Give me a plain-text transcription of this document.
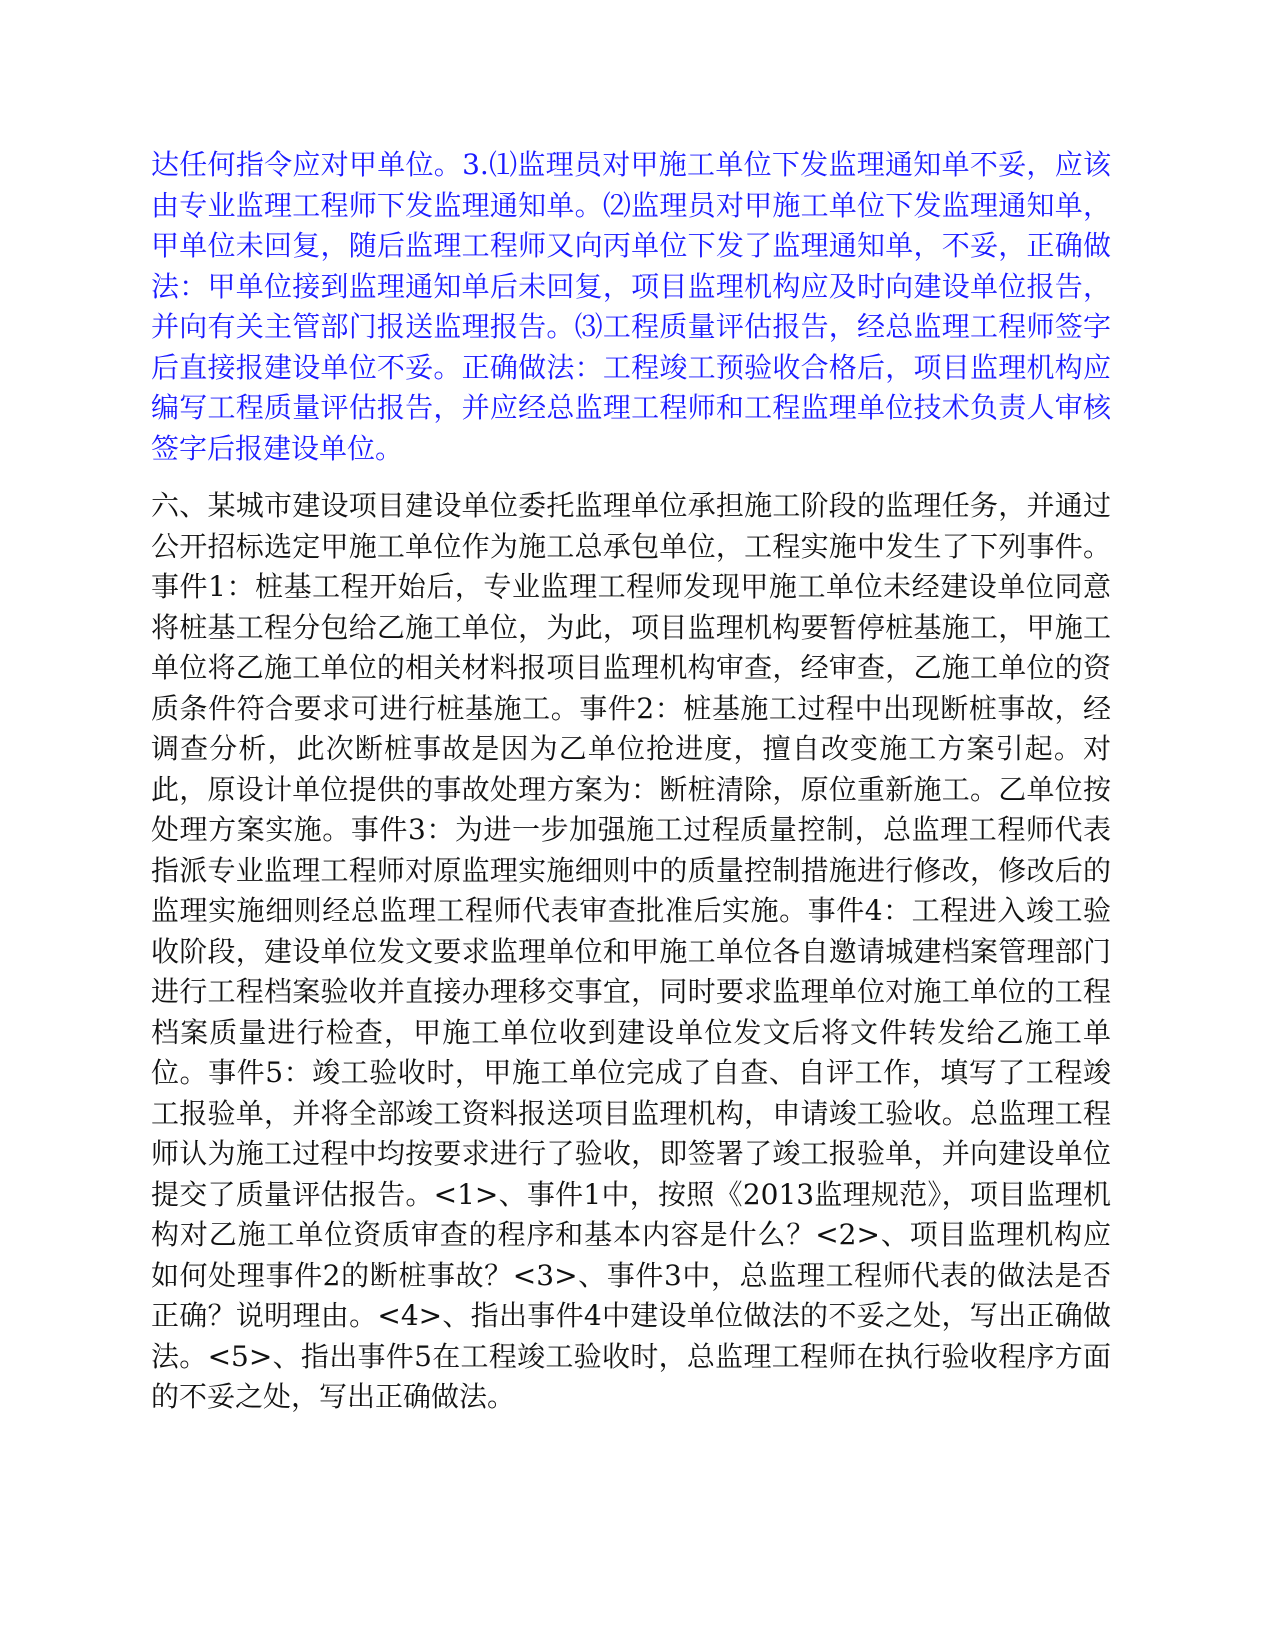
达任何指令应对甲单位。3.⑴监理员对甲施工单位下发监理通知单不妥，应该由专业监理工程师下发监理通知单。⑵监理员对甲施工单位下发监理通知单，甲单位未回复，随后监理工程师又向丙单位下发了监理通知单，不妥，正确做法：甲单位接到监理通知单后未回复，项目监理机构应及时向建设单位报告，并向有关主管部门报送监理报告。⑶工程质量评估报告，经总监理工程师签字后直接报建设单位不妥。正确做法：工程竣工预验收合格后，项目监理机构应编写工程质量评估报告，并应经总监理工程师和工程监理单位技术负责人审核签字后报建设单位。

六、某城市建设项目建设单位委托监理单位承担施工阶段的监理任务，并通过公开招标选定甲施工单位作为施工总承包单位，工程实施中发生了下列事件。事件1：桩基工程开始后，专业监理工程师发现甲施工单位未经建设单位同意将桩基工程分包给乙施工单位，为此，项目监理机构要暂停桩基施工，甲施工单位将乙施工单位的相关材料报项目监理机构审查，经审查，乙施工单位的资质条件符合要求可进行桩基施工。事件2：桩基施工过程中出现断桩事故，经调查分析，此次断桩事故是因为乙单位抢进度，擅自改变施工方案引起。对此，原设计单位提供的事故处理方案为：断桩清除，原位重新施工。乙单位按处理方案实施。事件3：为进一步加强施工过程质量控制，总监理工程师代表指派专业监理工程师对原监理实施细则中的质量控制措施进行修改，修改后的监理实施细则经总监理工程师代表审查批准后实施。事件4：工程进入竣工验收阶段，建设单位发文要求监理单位和甲施工单位各自邀请城建档案管理部门进行工程档案验收并直接办理移交事宜，同时要求监理单位对施工单位的工程档案质量进行检查，甲施工单位收到建设单位发文后将文件转发给乙施工单位。事件5：竣工验收时，甲施工单位完成了自查、自评工作，填写了工程竣工报验单，并将全部竣工资料报送项目监理机构，申请竣工验收。总监理工程师认为施工过程中均按要求进行了验收，即签署了竣工报验单，并向建设单位提交了质量评估报告。<1>、事件1中，按照《2013监理规范》，项目监理机构对乙施工单位资质审查的程序和基本内容是什么？<2>、项目监理机构应如何处理事件2的断桩事故？<3>、事件3中，总监理工程师代表的做法是否正确？说明理由。<4>、指出事件4中建设单位做法的不妥之处，写出正确做法。<5>、指出事件5在工程竣工验收时，总监理工程师在执行验收程序方面的不妥之处，写出正确做法。
